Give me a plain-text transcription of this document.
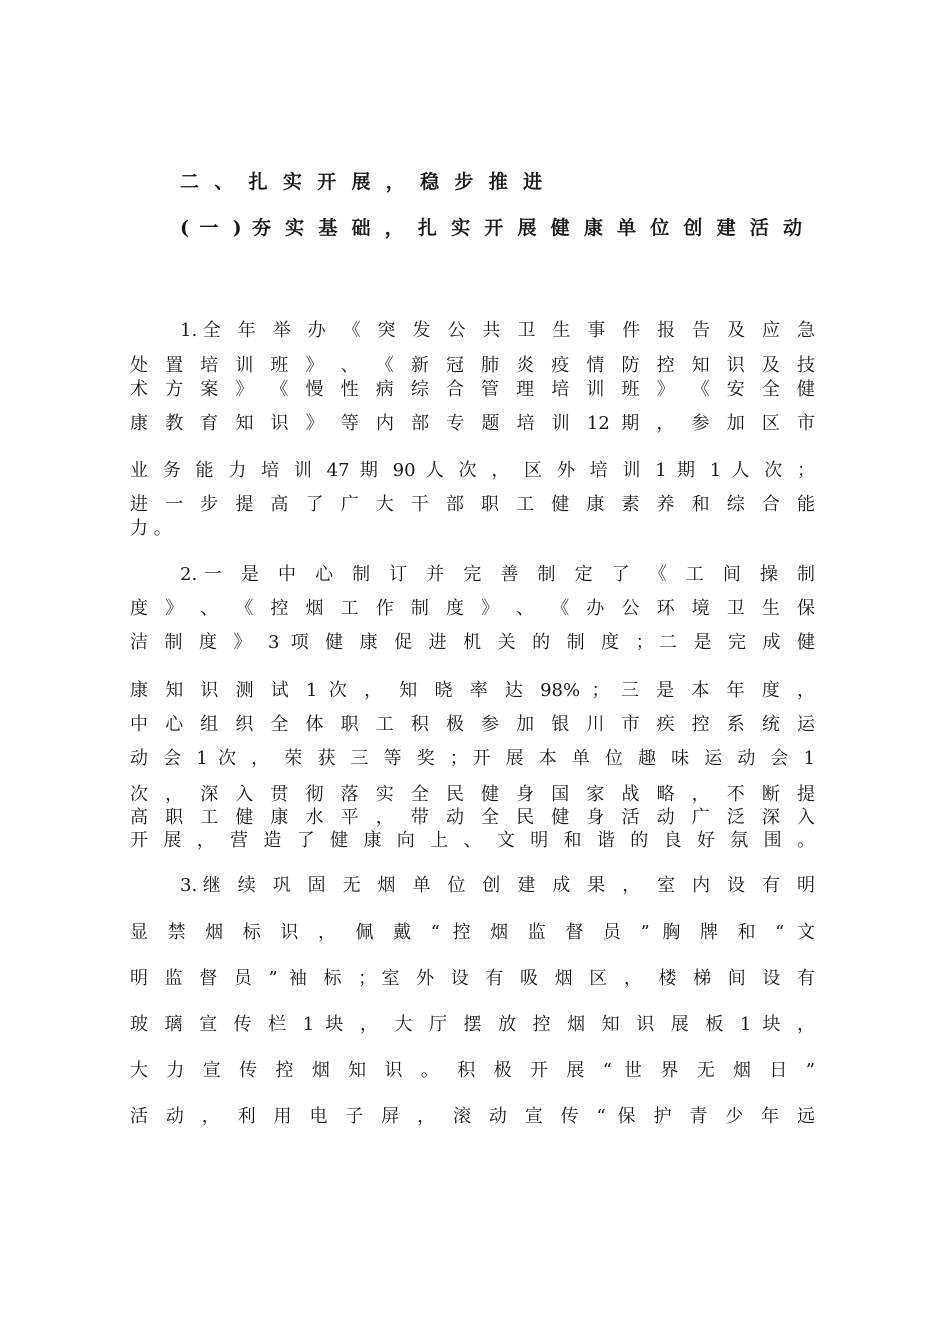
二 、 扎 实 开 展 ， 稳 步 推 进
( 一 ) 夯 实 基 础 ， 扎 实 开 展 健 康 单 位 创 建 活 动
1.全 年 举 办 《 突 发 公 共 卫 生 事 件 报 告 及 应 急
处 置 培 训 班 》 、 《 新 冠 肺 炎 疫 情 防 控 知 识 及 技
术 方 案 》 《 慢 性 病 综 合 管 理 培 训 班 》 《 安 全 健
康 教 育 知 识 》 等 内 部 专 题 培 训 12 期 ， 参 加 区 市
业 务 能 力 培 训 47 期 90 人 次 ， 区 外 培 训 1 期 1 人 次 ；
进 一 步 提 高 了 广 大 干 部 职 工 健 康 素 养 和 综 合 能
力 。
2.一 是 中 心 制 订 并 完 善 制 定 了 《 工 间 操 制
度 》 、 《 控 烟 工 作 制 度 》 、 《 办 公 环 境 卫 生 保
洁 制 度 》 3 项 健 康 促 进 机 关 的 制 度 ；二 是 完 成 健
康 知 识 测 试 1 次 ， 知 晓 率 达 98% ； 三 是 本 年 度 ，
中 心 组 织 全 体 职 工 积 极 参 加 银 川 市 疾 控 系 统 运
动 会 1 次 ， 荣 获 三 等 奖 ；开 展 本 单 位 趣 味 运 动 会 1
次 ， 深 入 贯 彻 落 实 全 民 健 身 国 家 战 略 ， 不 断 提
高 职 工 健 康 水 平 ， 带 动 全 民 健 身 活 动 广 泛 深 入
开 展 ， 营 造 了 健 康 向 上 、 文 明 和 谐 的 良 好 氛 围 。
3.继 续 巩 固 无 烟 单 位 创 建 成 果 ， 室 内 设 有 明
显 禁 烟 标 识 ， 佩 戴 “ 控 烟 监 督 员 ” 胸 牌 和 “ 文
明 监 督 员 ” 袖 标 ；室 外 设 有 吸 烟 区 ， 楼 梯 间 设 有
玻 璃 宣 传 栏 1 块 ， 大 厅 摆 放 控 烟 知 识 展 板 1 块 ，
大 力 宣 传 控 烟 知 识 。 积 极 开 展 “ 世 界 无 烟 日 ”
活 动 ， 利 用 电 子 屏 ， 滚 动 宣 传 “ 保 护 青 少 年 远
